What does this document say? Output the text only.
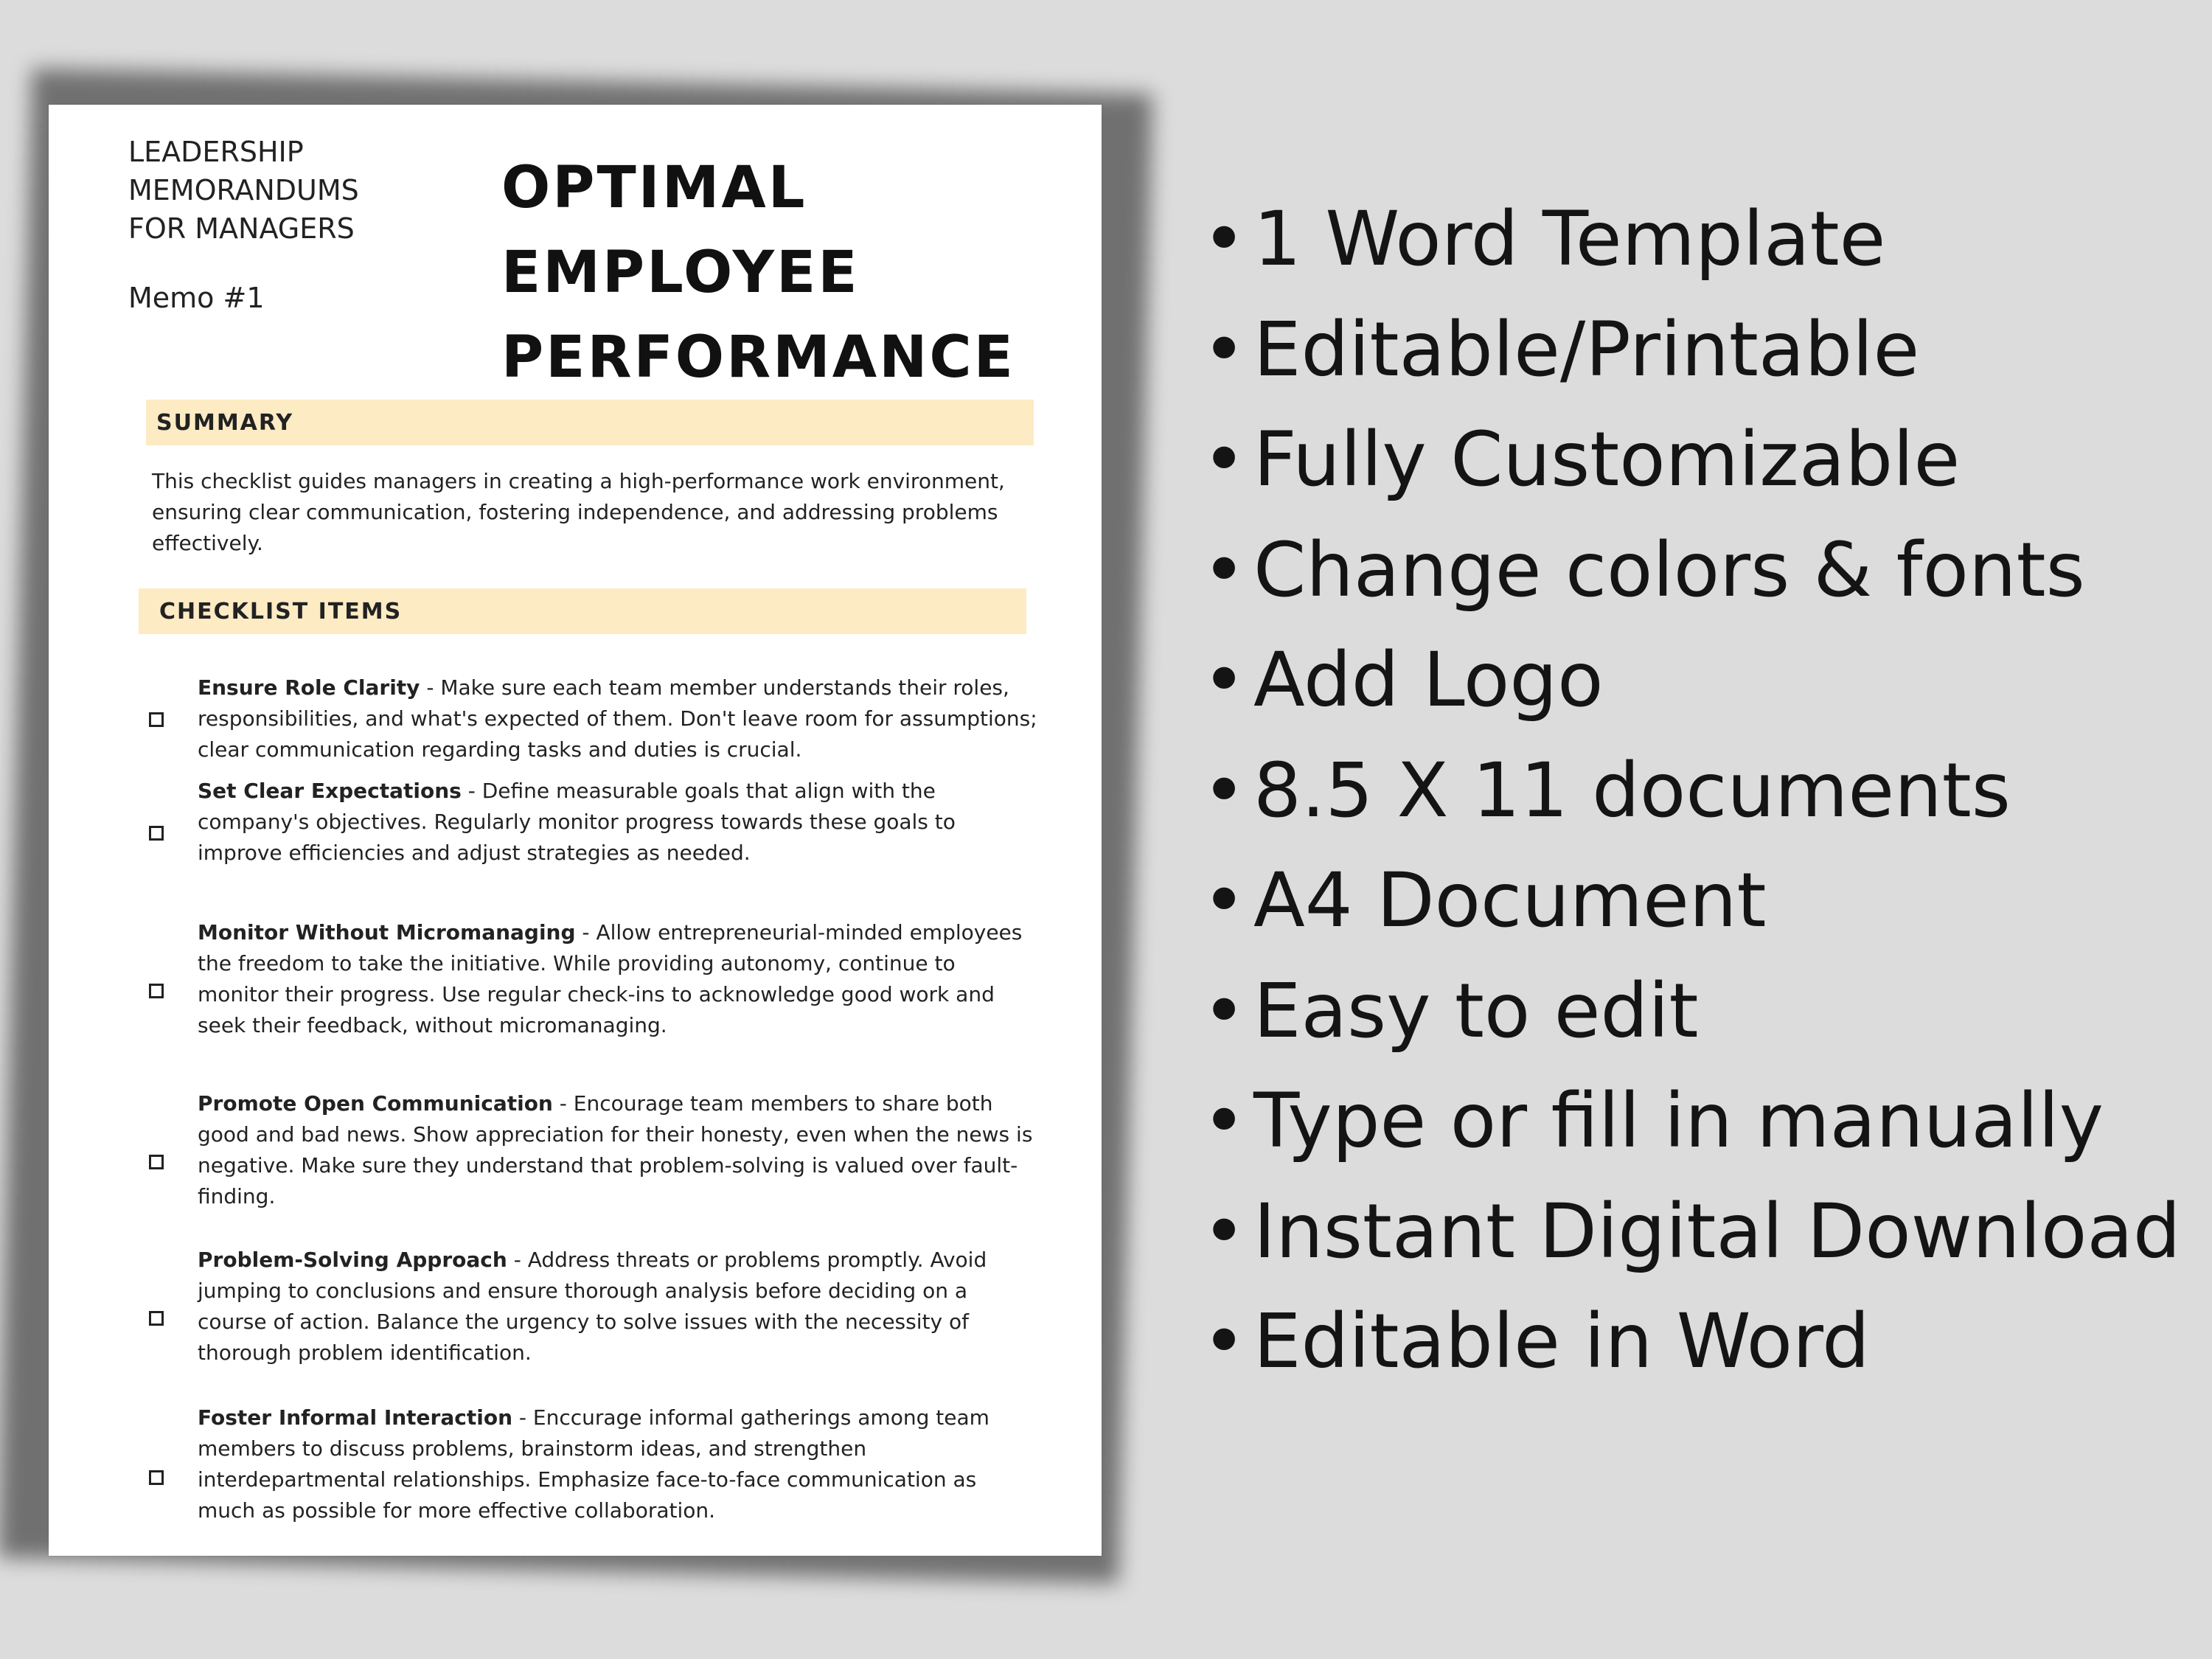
LEADERSHIP
MEMORANDUMS
FOR MANAGERS
Memo #1
OPTIMAL
EMPLOYEE
PERFORMANCE
SUMMARY
This checklist guides managers in creating a high-performance work environment, ensuring clear communication, fostering independence, and addressing problems effectively.
CHECKLIST ITEMS
Ensure Role Clarity - Make sure each team member understands their roles, responsibilities, and what's expected of them. Don't leave room for assumptions; clear communication regarding tasks and duties is crucial.
Set Clear Expectations - Define measurable goals that align with the company's objectives. Regularly monitor progress towards these goals to improve efficiencies and adjust strategies as needed.
Monitor Without Micromanaging - Allow entrepreneurial-minded employees the freedom to take the initiative. While providing autonomy, continue to monitor their progress. Use regular check-ins to acknowledge good work and seek their feedback, without micromanaging.
Promote Open Communication - Encourage team members to share both good and bad news. Show appreciation for their honesty, even when the news is negative. Make sure they understand that problem-solving is valued over fault-finding.
Problem-Solving Approach - Address threats or problems promptly. Avoid jumping to conclusions and ensure thorough analysis before deciding on a course of action. Balance the urgency to solve issues with the necessity of thorough problem identification.
Foster Informal Interaction - Enccurage informal gatherings among team members to discuss problems, brainstorm ideas, and strengthen interdepartmental relationships. Emphasize face-to-face communication as much as possible for more effective collaboration.
• 1 Word Template
• Editable/Printable
• Fully Customizable
• Change colors & fonts
• Add Logo
• 8.5 X 11 documents
• A4 Document
• Easy to edit
• Type or fill in manually
• Instant Digital Download
• Editable in Word
